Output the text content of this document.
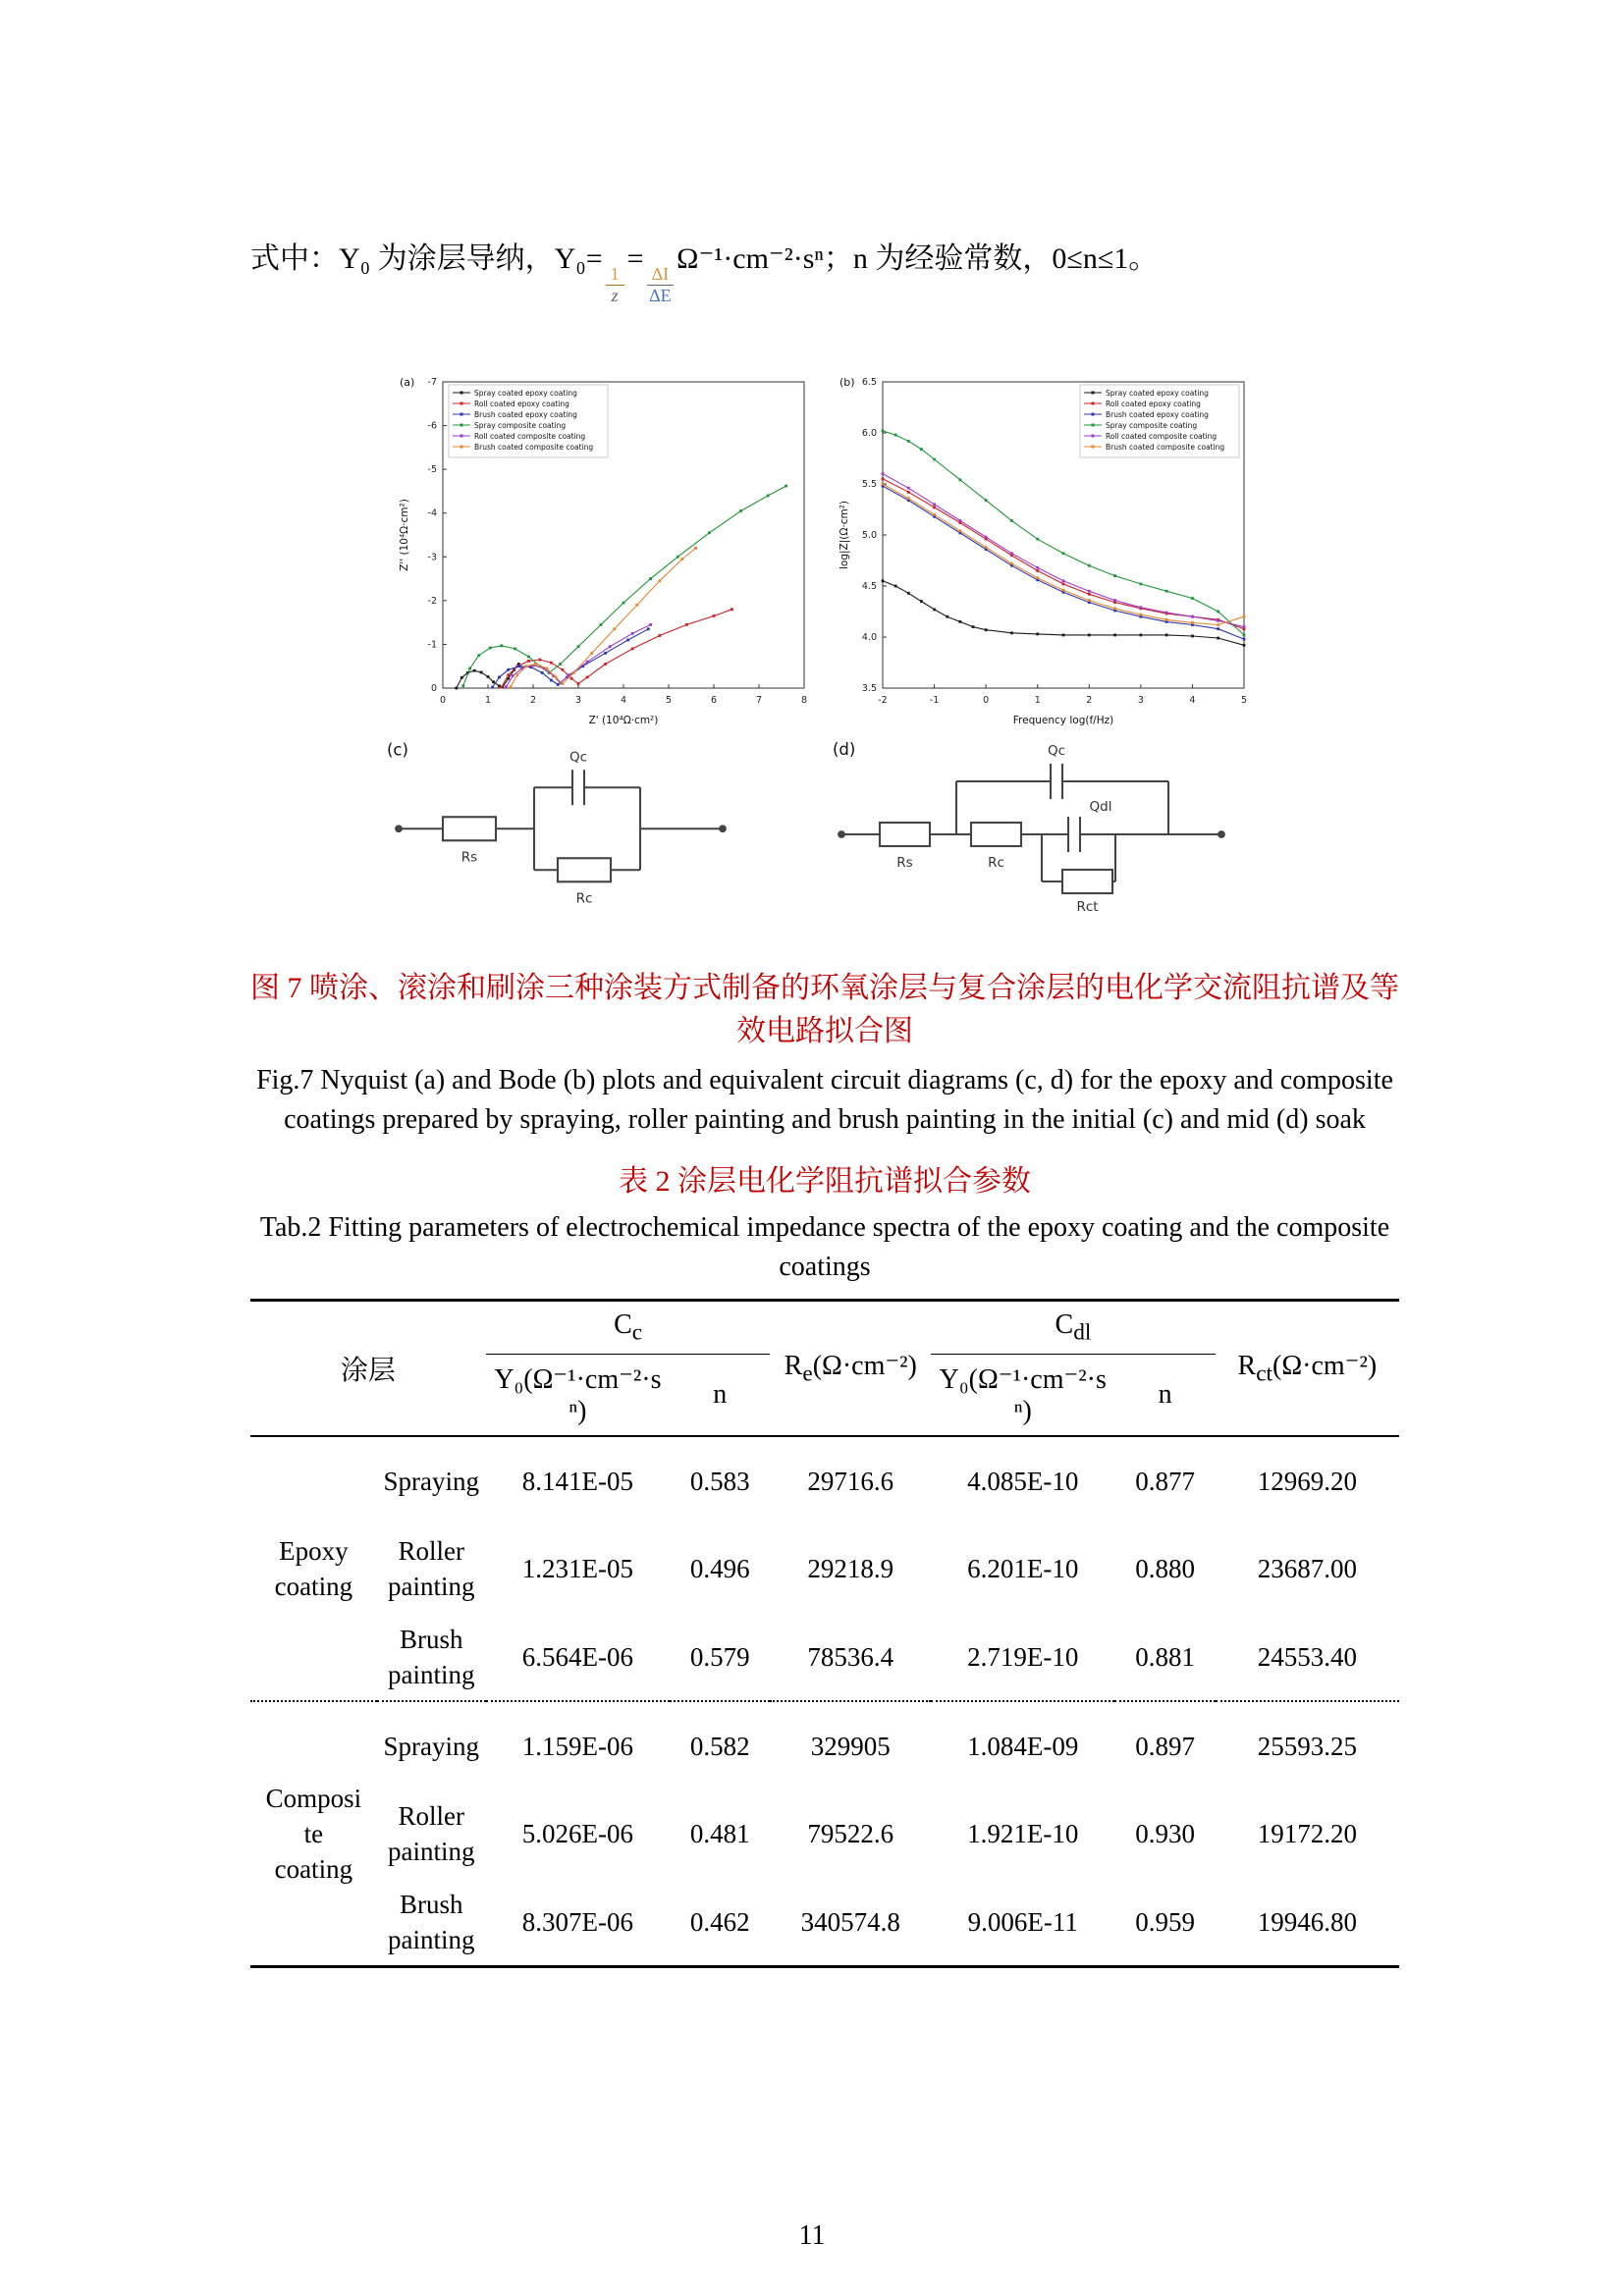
式中：Y₀ 为涂层导纳，Y₀=
$\frac{1}{z}$
=
$\frac{\Delta I}{\Delta E}$
Ω⁻¹·cm⁻²·sⁿ；n 为经验常数，0≤n≤1。

0	1	2	3	4	5	6	7	8
0
-1
-2
-3
-4
-5
-6
-7
Z' (10⁴Ω·cm²)
Z'' (10⁴Ω·cm²)
(a)
Spray coated epoxy coating
Roll coated epoxy coating
Brush coated epoxy coating
Spray composite coating
Roll coated composite coating
Brush coated composite coating
-2	-1	0	1	2	3	4	5
3.5
4.0
4.5
5.0
5.5
6.0
6.5
Frequency log(f/Hz)
log|Z|(Ω·cm²)
(b)
Spray coated epoxy coating
Roll coated epoxy coating
Brush coated epoxy coating
Spray composite coating
Roll coated composite coating
Brush coated composite coating
(c)
Rs
Qc
Rc
(d)
Rs
Qc
Rc
Qdl
Rct

图 7 喷涂、滚涂和刷涂三种涂装方式制备的环氧涂层与复合涂层的电化学交流阻抗谱及等效电路拟合图

Fig.7 Nyquist (a) and Bode (b) plots and equivalent circuit diagrams (c, d) for the epoxy and composite coatings prepared by spraying, roller painting and brush painting in the initial (c) and mid (d) soak

表 2 涂层电化学阻抗谱拟合参数

Tab.2 Fitting parameters of electrochemical impedance spectra of the epoxy coating and the composite coatings

涂层		$C_c$		$R_e(\Omega\cdot cm^{-2})$	$C_{dl}$		$R_{ct}(\Omega\cdot cm^{-2})$
		Y₀(Ω⁻¹·cm⁻²·sⁿ)	n		Y₀(Ω⁻¹·cm⁻²·sⁿ)	n	
Epoxy coating	Spraying	8.141E-05	0.583	29716.6	4.085E-10	0.877	12969.20
	Roller painting	1.231E-05	0.496	29218.9	6.201E-10	0.880	23687.00
	Brush painting	6.564E-06	0.579	78536.4	2.719E-10	0.881	24553.40
Composite coating	Spraying	1.159E-06	0.582	329905	1.084E-09	0.897	25593.25
	Roller painting	5.026E-06	0.481	79522.6	1.921E-10	0.930	19172.20
	Brush painting	8.307E-06	0.462	340574.8	9.006E-11	0.959	19946.80
11
